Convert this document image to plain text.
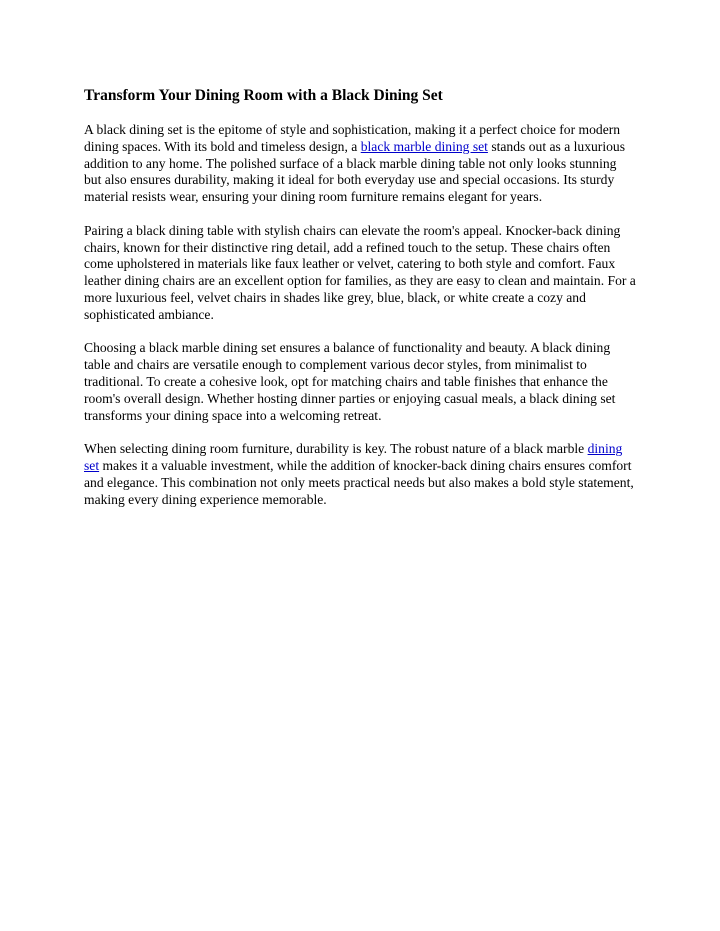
Transform Your Dining Room with a Black Dining Set

A black dining set is the epitome of style and sophistication, making it a perfect choice for modern dining spaces. With its bold and timeless design, a black marble dining set stands out as a luxurious addition to any home. The polished surface of a black marble dining table not only looks stunning but also ensures durability, making it ideal for both everyday use and special occasions. Its sturdy material resists wear, ensuring your dining room furniture remains elegant for years.

Pairing a black dining table with stylish chairs can elevate the room's appeal. Knocker-back dining chairs, known for their distinctive ring detail, add a refined touch to the setup. These chairs often come upholstered in materials like faux leather or velvet, catering to both style and comfort. Faux leather dining chairs are an excellent option for families, as they are easy to clean and maintain. For a more luxurious feel, velvet chairs in shades like grey, blue, black, or white create a cozy and sophisticated ambiance.

Choosing a black marble dining set ensures a balance of functionality and beauty. A black dining table and chairs are versatile enough to complement various decor styles, from minimalist to traditional. To create a cohesive look, opt for matching chairs and table finishes that enhance the room's overall design. Whether hosting dinner parties or enjoying casual meals, a black dining set transforms your dining space into a welcoming retreat.

When selecting dining room furniture, durability is key. The robust nature of a black marble dining set makes it a valuable investment, while the addition of knocker-back dining chairs ensures comfort and elegance. This combination not only meets practical needs but also makes a bold style statement, making every dining experience memorable.
